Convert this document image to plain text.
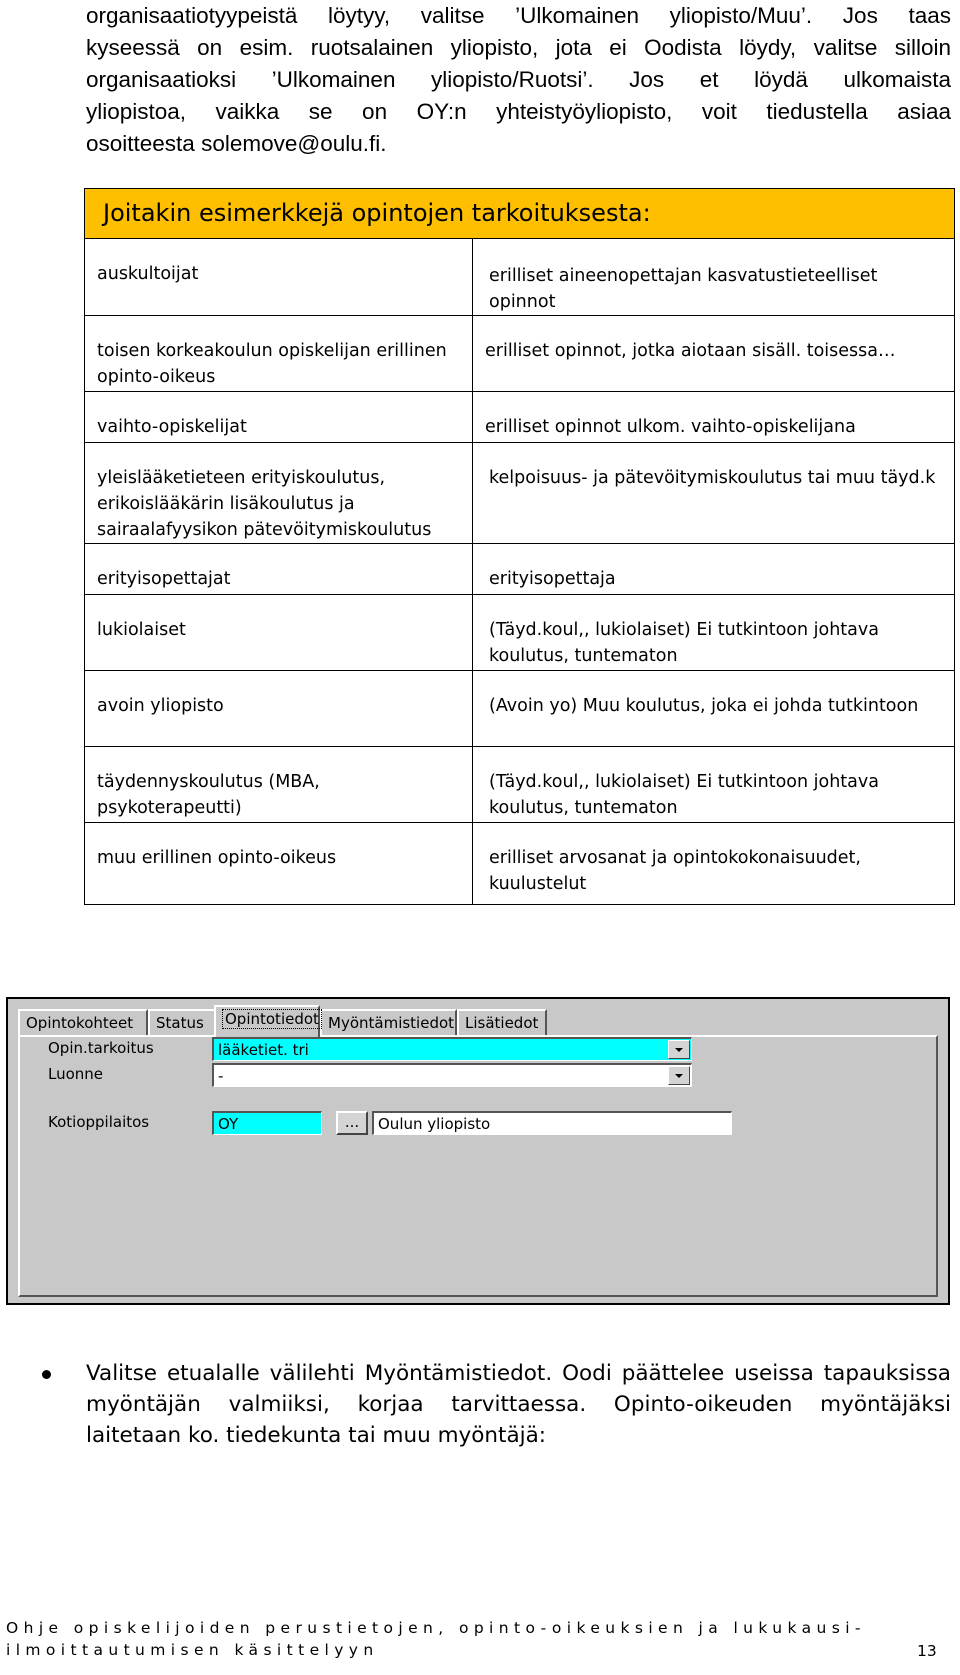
organisaatiotyypeistä löytyy, valitse ’Ulkomainen yliopisto/Muu’. Jos taas
kyseessä on esim. ruotsalainen yliopisto, jota ei Oodista löydy, valitse silloin
organisaatioksi ’Ulkomainen yliopisto/Ruotsi’. Jos et löydä ulkomaista
yliopistoa, vaikka se on OY:n yhteistyöyliopisto, voit tiedustella asiaa
osoitteesta solemove@oulu.fi.
Joitakin esimerkkejä opintojen tarkoituksesta:	
auskultoijat	erilliset aineenopettajan kasvatustieteelliset opinnot
toisen korkeakoulun opiskelijan erillinen opinto-oikeus	erilliset opinnot, jotka aiotaan sisäll. toisessa…
vaihto-opiskelijat	erilliset opinnot ulkom. vaihto-opiskelijana
yleislääketieteen erityiskoulutus, erikoislääkärin lisäkoulutus ja sairaalafyysikon pätevöitymiskoulutus	kelpoisuus- ja pätevöitymiskoulutus tai muu täyd.k
erityisopettajat	erityisopettaja
lukiolaiset	(Täyd.koul,, lukiolaiset) Ei tutkintoon johtava koulutus, tuntematon
avoin yliopisto	(Avoin yo) Muu koulutus, joka ei johda tutkintoon
täydennyskoulutus (MBA, psykoterapeutti)	(Täyd.koul,, lukiolaiset) Ei tutkintoon johtava koulutus, tuntematon
muu erillinen opinto-oikeus	erilliset arvosanat ja opintokokonaisuudet, kuulustelut
Opintokohteet	Status	Opintotiedot Myöntämistiedot Lisätiedot
Opin.tarkoitus	lääketiet. tri
Luonne	-
Kotioppilaitos	OY	...	Oulun yliopisto
Valitse etualalle välilehti Myöntämistiedot. Oodi päättelee useissa tapauksissa
myöntäjän valmiiksi, korjaa tarvittaessa. Opinto-oikeuden myöntäjäksi
laitetaan ko. tiedekunta tai muu myöntäjä:
Ohje opiskelijoiden perustietojen, opinto-oikeuksien ja lukukausi-
ilmoittautumisen käsittelyyn	13
